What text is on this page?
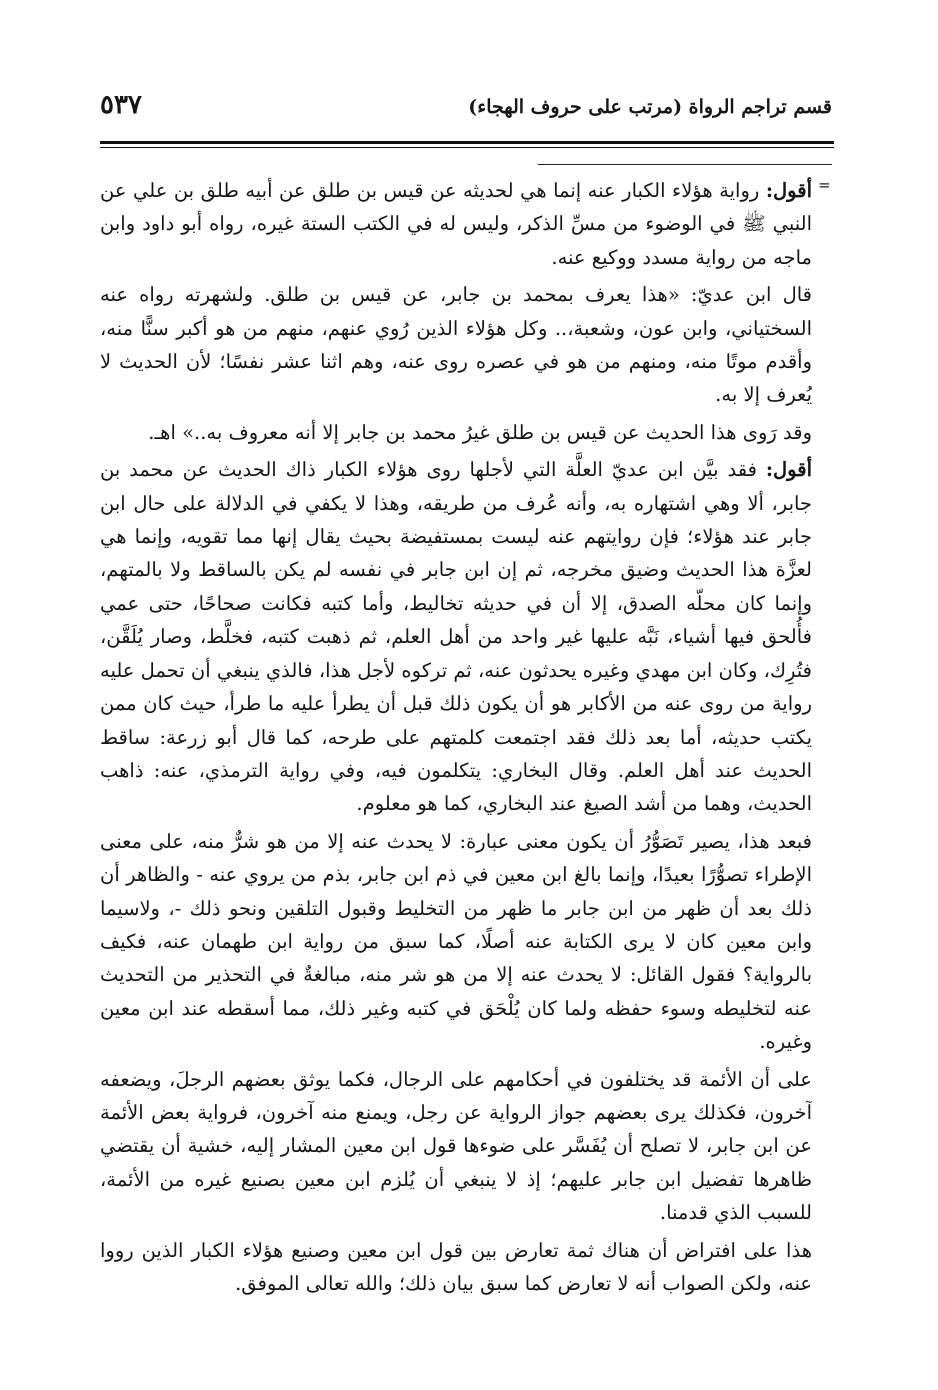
قسم تراجم الرواة (مرتب على حروف الهجاء)
٥٣٧
=

أقول: رواية هؤلاء الكبار عنه إنما هي لحديثه عن قيس بن طلق عن أبيه طلق بن علي عن النبي ﷺ في الوضوء من مسِّ الذكر، وليس له في الكتب الستة غيره، رواه أبو داود وابن ماجه من رواية مسدد ووكيع عنه.

قال ابن عديّ: «هذا يعرف بمحمد بن جابر، عن قيس بن طلق. ولشهرته رواه عنه السختياني، وابن عون، وشعبة،.. وكل هؤلاء الذين رُوي عنهم، منهم من هو أكبر سنًّا منه، وأقدم موتًا منه، ومنهم من هو في عصره روى عنه، وهم اثنا عشر نفسًا؛ لأن الحديث لا يُعرف إلا به.

وقد رَوى هذا الحديث عن قيس بن طلق غيرُ محمد بن جابر إلا أنه معروف به..» اهـ.

أقول: فقد بيَّن ابن عديّ العلَّة التي لأجلها روى هؤلاء الكبار ذاك الحديث عن محمد بن جابر، ألا وهي اشتهاره به، وأنه عُرف من طريقه، وهذا لا يكفي في الدلالة على حال ابن جابر عند هؤلاء؛ فإن روايتهم عنه ليست بمستفيضة بحيث يقال إنها مما تقويه، وإنما هي لعزَّة هذا الحديث وضيق مخرجه، ثم إن ابن جابر في نفسه لم يكن بالساقط ولا بالمتهم، وإنما كان محلّه الصدق، إلا أن في حديثه تخاليط، وأما كتبه فكانت صحاحًا، حتى عمي فأُلحق فيها أشياء، نَبَّه عليها غير واحد من أهل العلم، ثم ذهبت كتبه، فخلَّط، وصار يُلَقَّن، فتُرِك، وكان ابن مهدي وغيره يحدثون عنه، ثم تركوه لأجل هذا، فالذي ينبغي أن تحمل عليه رواية من روى عنه من الأكابر هو أن يكون ذلك قبل أن يطرأ عليه ما طرأ، حيث كان ممن يكتب حديثه، أما بعد ذلك فقد اجتمعت كلمتهم على طرحه، كما قال أبو زرعة: ساقط الحديث عند أهل العلم. وقال البخاري: يتكلمون فيه، وفي رواية الترمذي، عنه: ذاهب الحديث، وهما من أشد الصيغ عند البخاري، كما هو معلوم.

فبعد هذا، يصير تَصَوُّرُ أن يكون معنى عبارة: لا يحدث عنه إلا من هو شرٌّ منه، على معنى الإطراء تصوُّرًا بعيدًا، وإنما بالغ ابن معين في ذم ابن جابر، بذم من يروي عنه - والظاهر أن ذلك بعد أن ظهر من ابن جابر ما ظهر من التخليط وقبول التلقين ونحو ذلك -، ولاسيما وابن معين كان لا يرى الكتابة عنه أصلًا، كما سبق من رواية ابن طهمان عنه، فكيف بالرواية؟ فقول القائل: لا يحدث عنه إلا من هو شر منه، مبالغةٌ في التحذير من التحديث عنه لتخليطه وسوء حفظه ولما كان يُلْحَق في كتبه وغير ذلك، مما أسقطه عند ابن معين وغيره.

على أن الأئمة قد يختلفون في أحكامهم على الرجال، فكما يوثق بعضهم الرجلَ، ويضعفه آخرون، فكذلك يرى بعضهم جواز الرواية عن رجل، ويمنع منه آخرون، فرواية بعض الأئمة عن ابن جابر، لا تصلح أن يُفَسَّر على ضوءها قول ابن معين المشار إليه، خشية أن يقتضي ظاهرها تفضيل ابن جابر عليهم؛ إذ لا ينبغي أن يُلزم ابن معين بصنيع غيره من الأئمة، للسبب الذي قدمنا.

هذا على افتراض أن هناك ثمة تعارض بين قول ابن معين وصنيع هؤلاء الكبار الذين رووا عنه، ولكن الصواب أنه لا تعارض كما سبق بيان ذلك؛ والله تعالى الموفق.
